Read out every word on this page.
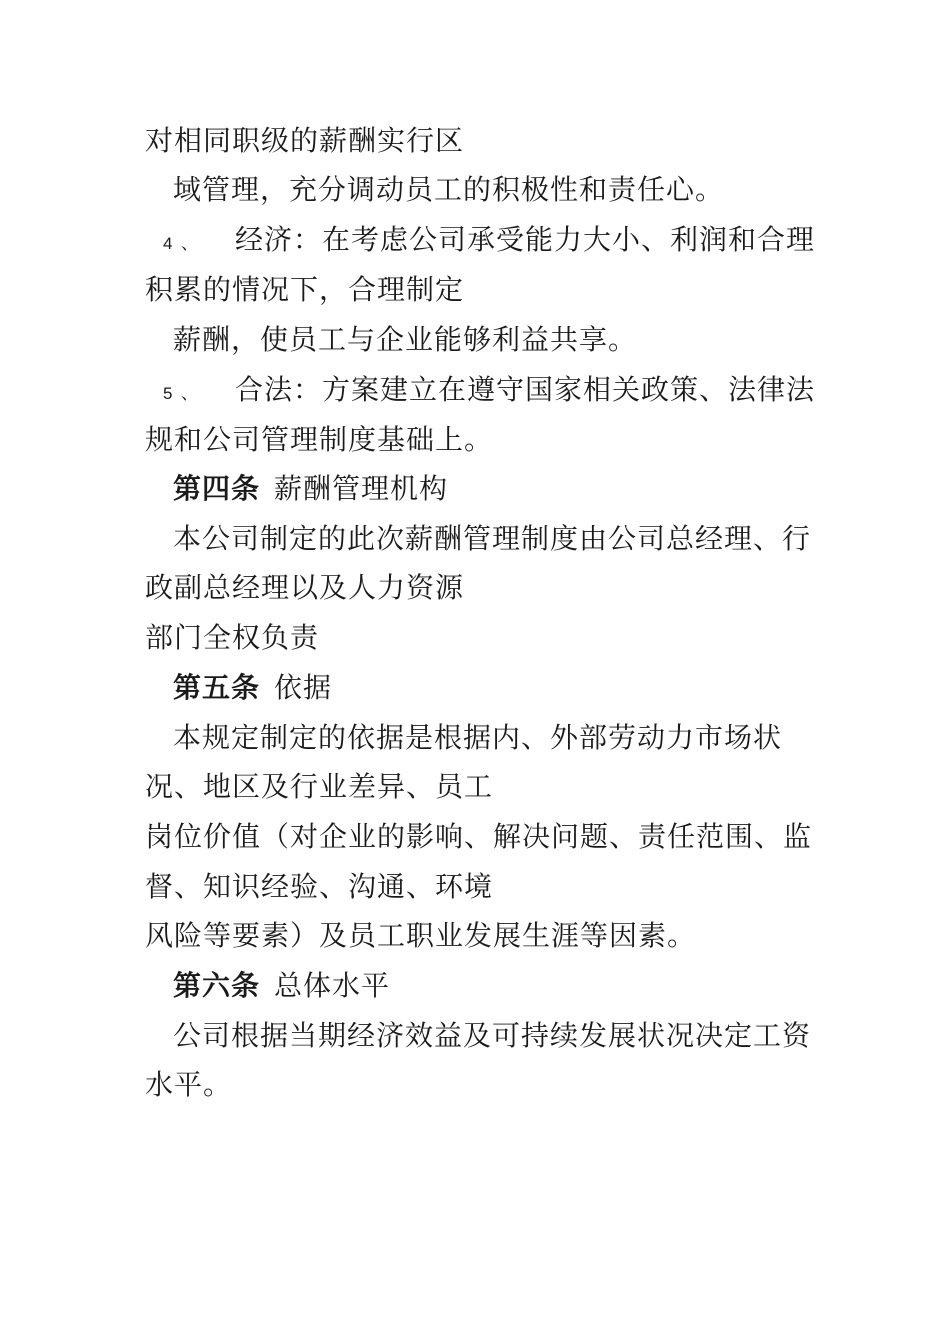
对相同职级的薪酬实行区
域管理，充分调动员工的积极性和责任心。
4 、 经济：在考虑公司承受能力大小、利润和合理
积累的情况下，合理制定
薪酬，使员工与企业能够利益共享。
5 、 合法：方案建立在遵守国家相关政策、法律法
规和公司管理制度基础上。
第四条 薪酬管理机构
本公司制定的此次薪酬管理制度由公司总经理、行
政副总经理以及人力资源
部门全权负责
第五条 依据
本规定制定的依据是根据内、外部劳动力市场状
况、地区及行业差异、员工
岗位价值（对企业的影响、解决问题、责任范围、监
督、知识经验、沟通、环境
风险等要素）及员工职业发展生涯等因素。
第六条 总体水平
公司根据当期经济效益及可持续发展状况决定工资
水平。
